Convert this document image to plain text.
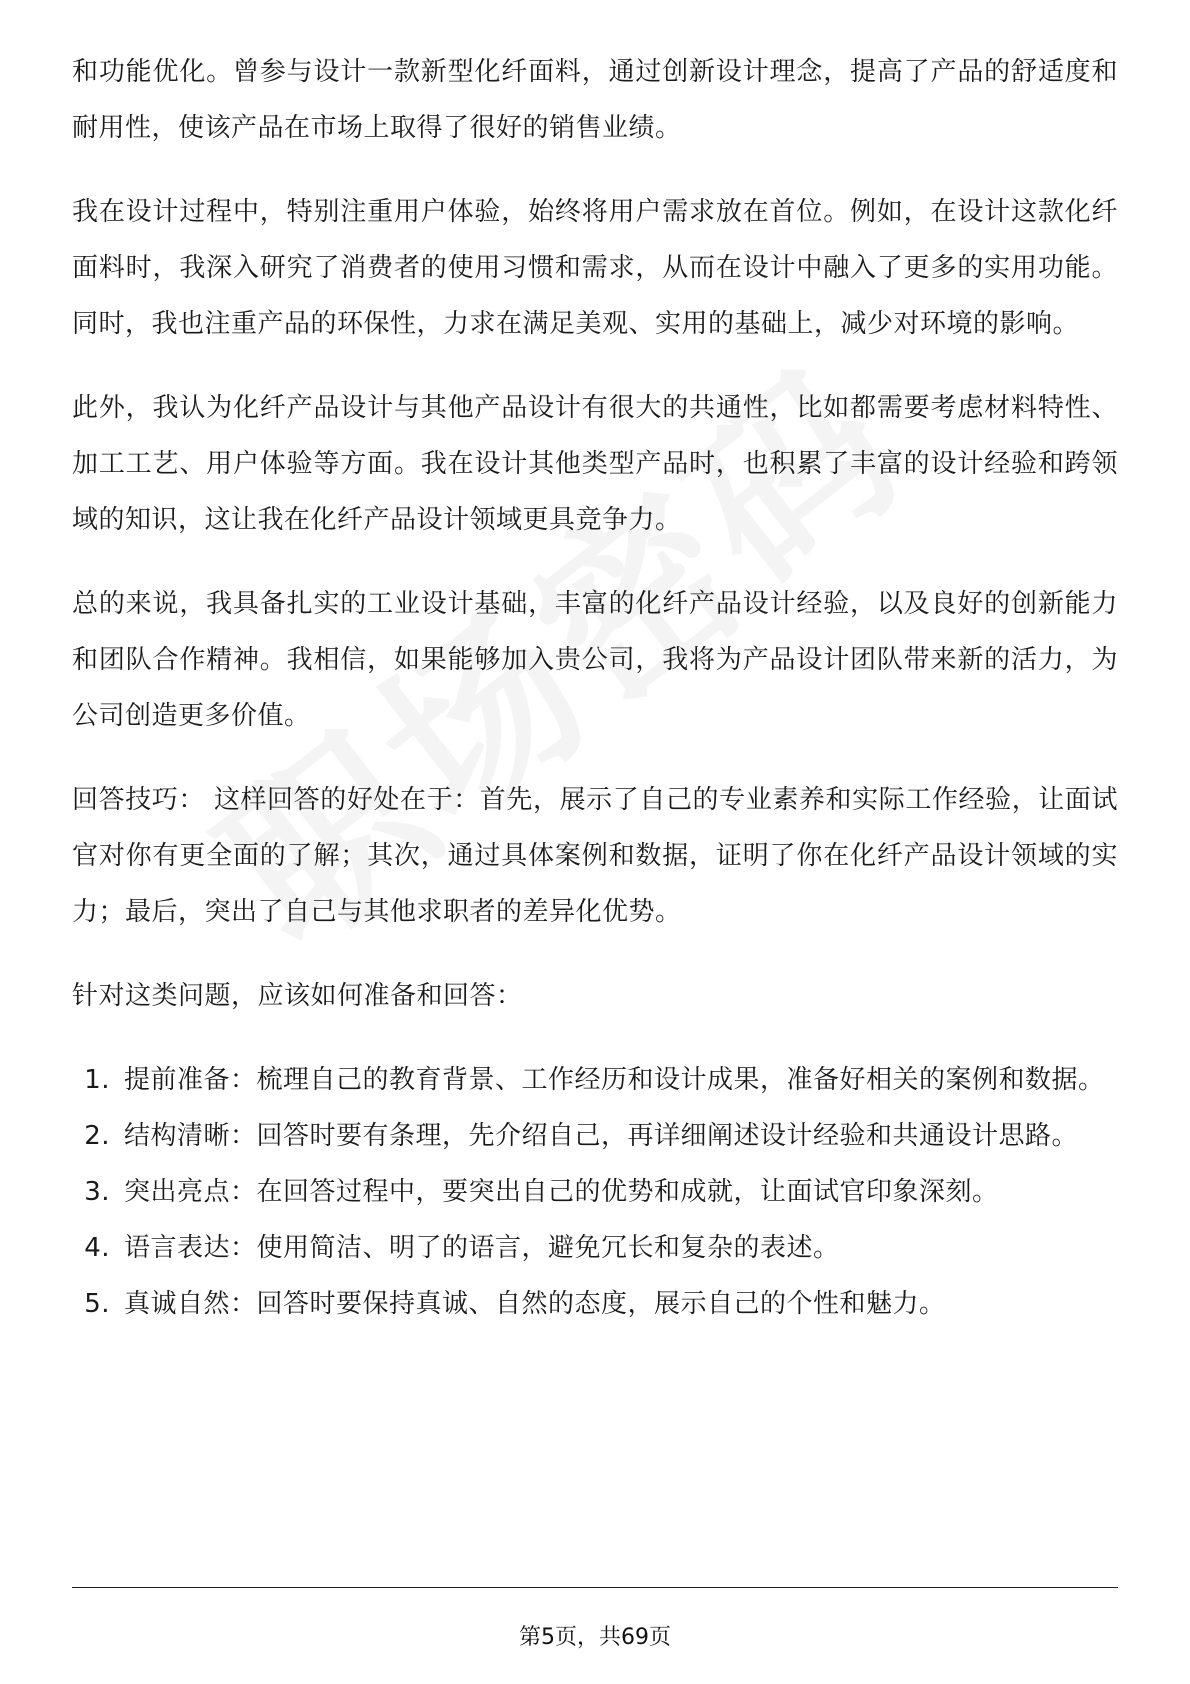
和功能优化。曾参与设计一款新型化纤面料，通过创新设计理念，提高了产品的舒适度和耐用性，使该产品在市场上取得了很好的销售业绩。

我在设计过程中，特别注重用户体验，始终将用户需求放在首位。例如，在设计这款化纤面料时，我深入研究了消费者的使用习惯和需求，从而在设计中融入了更多的实用功能。同时，我也注重产品的环保性，力求在满足美观、实用的基础上，减少对环境的影响。

此外，我认为化纤产品设计与其他产品设计有很大的共通性，比如都需要考虑材料特性、加工工艺、用户体验等方面。我在设计其他类型产品时，也积累了丰富的设计经验和跨领域的知识，这让我在化纤产品设计领域更具竞争力。

总的来说，我具备扎实的工业设计基础，丰富的化纤产品设计经验，以及良好的创新能力和团队合作精神。我相信，如果能够加入贵公司，我将为产品设计团队带来新的活力，为公司创造更多价值。

回答技巧： 这样回答的好处在于：首先，展示了自己的专业素养和实际工作经验，让面试官对你有更全面的了解；其次，通过具体案例和数据，证明了你在化纤产品设计领域的实力；最后，突出了自己与其他求职者的差异化优势。

针对这类问题，应该如何准备和回答：

1 . 提前准备：梳理自己的教育背景、工作经历和设计成果，准备好相关的案例和数据。
2 . 结构清晰：回答时要有条理，先介绍自己，再详细阐述设计经验和共通设计思路。
3 . 突出亮点：在回答过程中，要突出自己的优势和成就，让面试官印象深刻。
4 . 语言表达：使用简洁、明了的语言，避免冗长和复杂的表述。
5 . 真诚自然：回答时要保持真诚、自然的态度，展示自己的个性和魅力。
第5页，共69页
